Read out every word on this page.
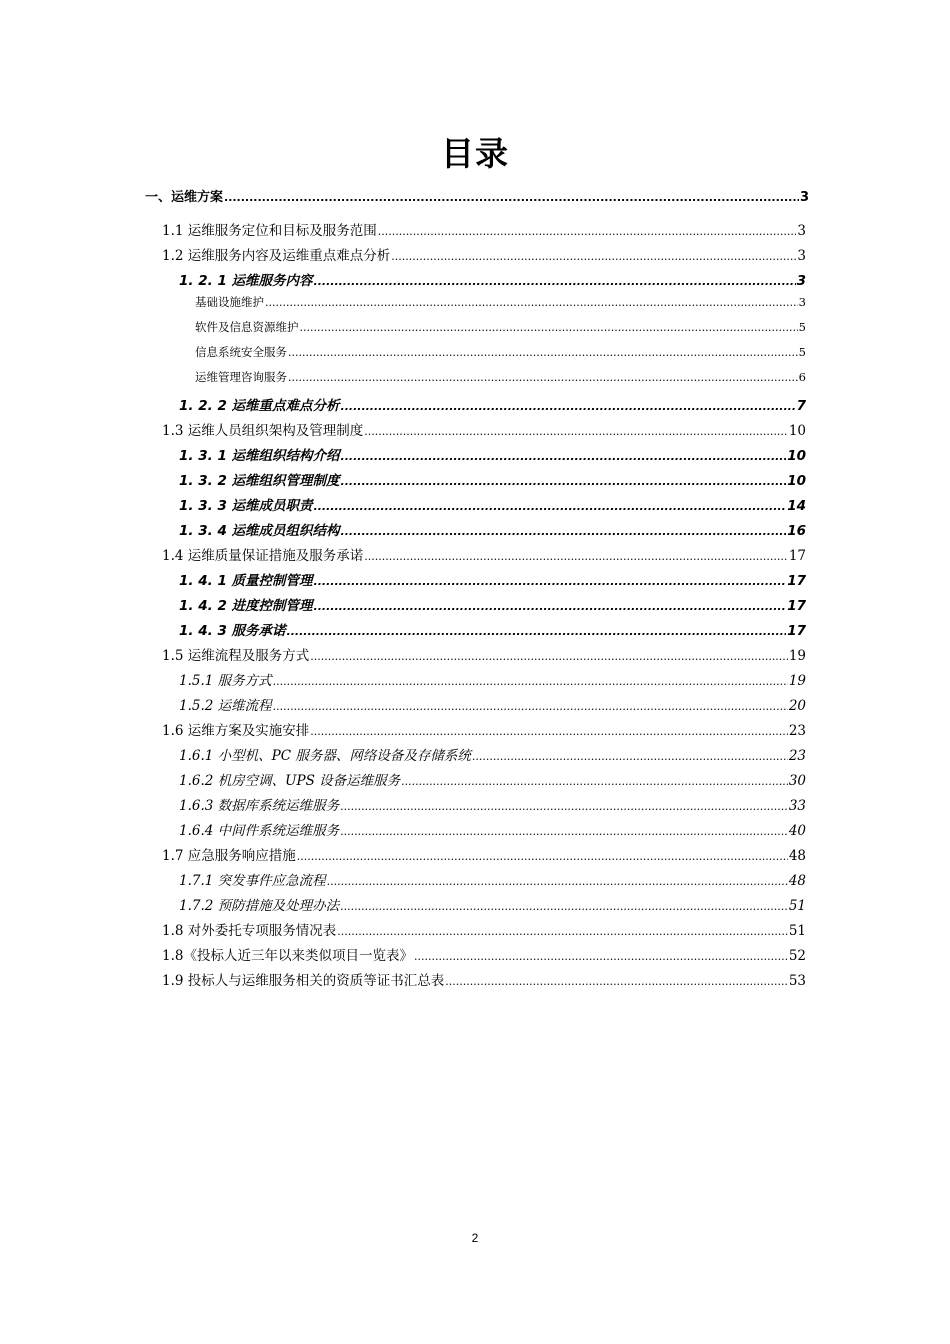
目录
一、运维方案 .....	3
1.1 运维服务定位和目标及服务范围 .....	3
1.2 运维服务内容及运维重点难点分析 .....	3
1. 2. 1 运维服务内容 .....	3
基础设施维护 .....	3
软件及信息资源维护 .....	5
信息系统安全服务 .....	5
运维管理咨询服务 .....	6
1. 2. 2 运维重点难点分析 .....	7
1.3 运维人员组织架构及管理制度 .....	10
1. 3. 1 运维组织结构介绍 .....	10
1. 3. 2 运维组织管理制度 .....	10
1. 3. 3 运维成员职责 .....	14
1. 3. 4 运维成员组织结构 .....	16
1.4 运维质量保证措施及服务承诺 .....	17
1. 4. 1 质量控制管理 .....	17
1. 4. 2 进度控制管理 .....	17
1. 4. 3 服务承诺 .....	17
1.5 运维流程及服务方式 .....	19
1.5.1 服务方式 .....	19
1.5.2 运维流程 .....	20
1.6 运维方案及实施安排 .....	23
1.6.1 小型机、PC 服务器、网络设备及存储系统 .....	23
1.6.2 机房空调、UPS 设备运维服务 .....	30
1.6.3 数据库系统运维服务 .....	33
1.6.4 中间件系统运维服务 .....	40
1.7 应急服务响应措施 .....	48
1.7.1 突发事件应急流程 .....	48
1.7.2 预防措施及处理办法 .....	51
1.8 对外委托专项服务情况表 .....	51
1.8《投标人近三年以来类似项目一览表》 .....	52
1.9 投标人与运维服务相关的资质等证书汇总表 .....	53
2
